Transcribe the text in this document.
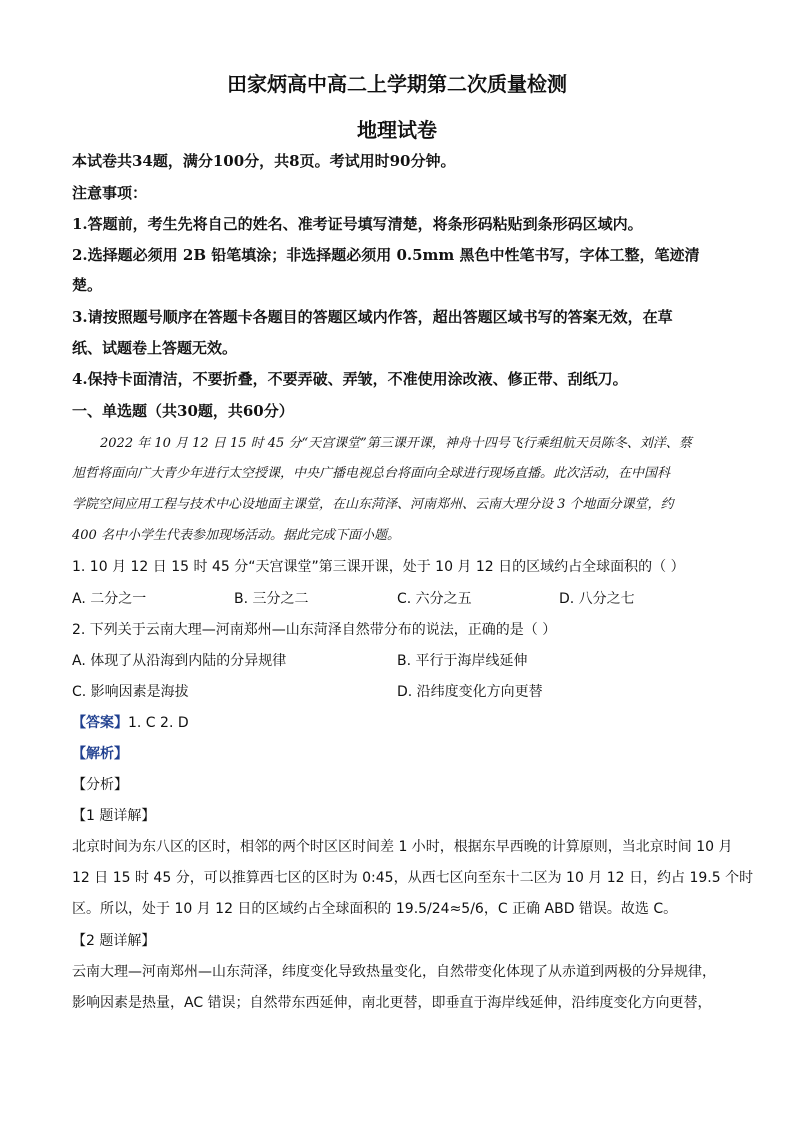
田家炳高中高二上学期第二次质量检测
地理试卷
本试卷共34题，满分100分，共8页。考试用时90分钟。
注意事项：
1.答题前，考生先将自己的姓名、准考证号填写清楚，将条形码粘贴到条形码区域内。
2.选择题必须用 2B 铅笔填涂；非选择题必须用 0.5mm 黑色中性笔书写，字体工整，笔迹清
楚。
3.请按照题号顺序在答题卡各题目的答题区域内作答，超出答题区域书写的答案无效，在草
纸、试题卷上答题无效。
4.保持卡面清洁，不要折叠，不要弄破、弄皱，不准使用涂改液、修正带、刮纸刀。
一、单选题（共30题，共60分）
2022 年 10 月 12 日 15 时 45 分“天宫课堂”第三课开课，神舟十四号飞行乘组航天员陈冬、刘洋、蔡
旭哲将面向广大青少年进行太空授课，中央广播电视总台将面向全球进行现场直播。此次活动，在中国科
学院空间应用工程与技术中心设地面主课堂，在山东菏泽、河南郑州、云南大理分设 3 个地面分课堂，约
400 名中小学生代表参加现场活动。据此完成下面小题。
1. 10 月 12 日 15 时 45 分“天宫课堂”第三课开课，处于 10 月 12 日的区域约占全球面积的（ ）
A. 二分之一	B. 三分之二	C. 六分之五	D. 八分之七
2. 下列关于云南大理—河南郑州—山东菏泽自然带分布的说法，正确的是（ ）
A. 体现了从沿海到内陆的分异规律	B. 平行于海岸线延伸
C. 影响因素是海拔	D. 沿纬度变化方向更替
【答案】1. C 2. D
【解析】
【分析】
【1 题详解】
北京时间为东八区的区时，相邻的两个时区区时间差 1 小时，根据东早西晚的计算原则，当北京时间 10 月
12 日 15 时 45 分，可以推算西七区的区时为 0:45，从西七区向至东十二区为 10 月 12 日，约占 19.5 个时
区。所以，处于 10 月 12 日的区域约占全球面积的 19.5/24≈5/6，C 正确 ABD 错误。故选 C。
【2 题详解】
云南大理—河南郑州—山东菏泽，纬度变化导致热量变化，自然带变化体现了从赤道到两极的分异规律，
影响因素是热量，AC 错误；自然带东西延伸，南北更替，即垂直于海岸线延伸，沿纬度变化方向更替，
